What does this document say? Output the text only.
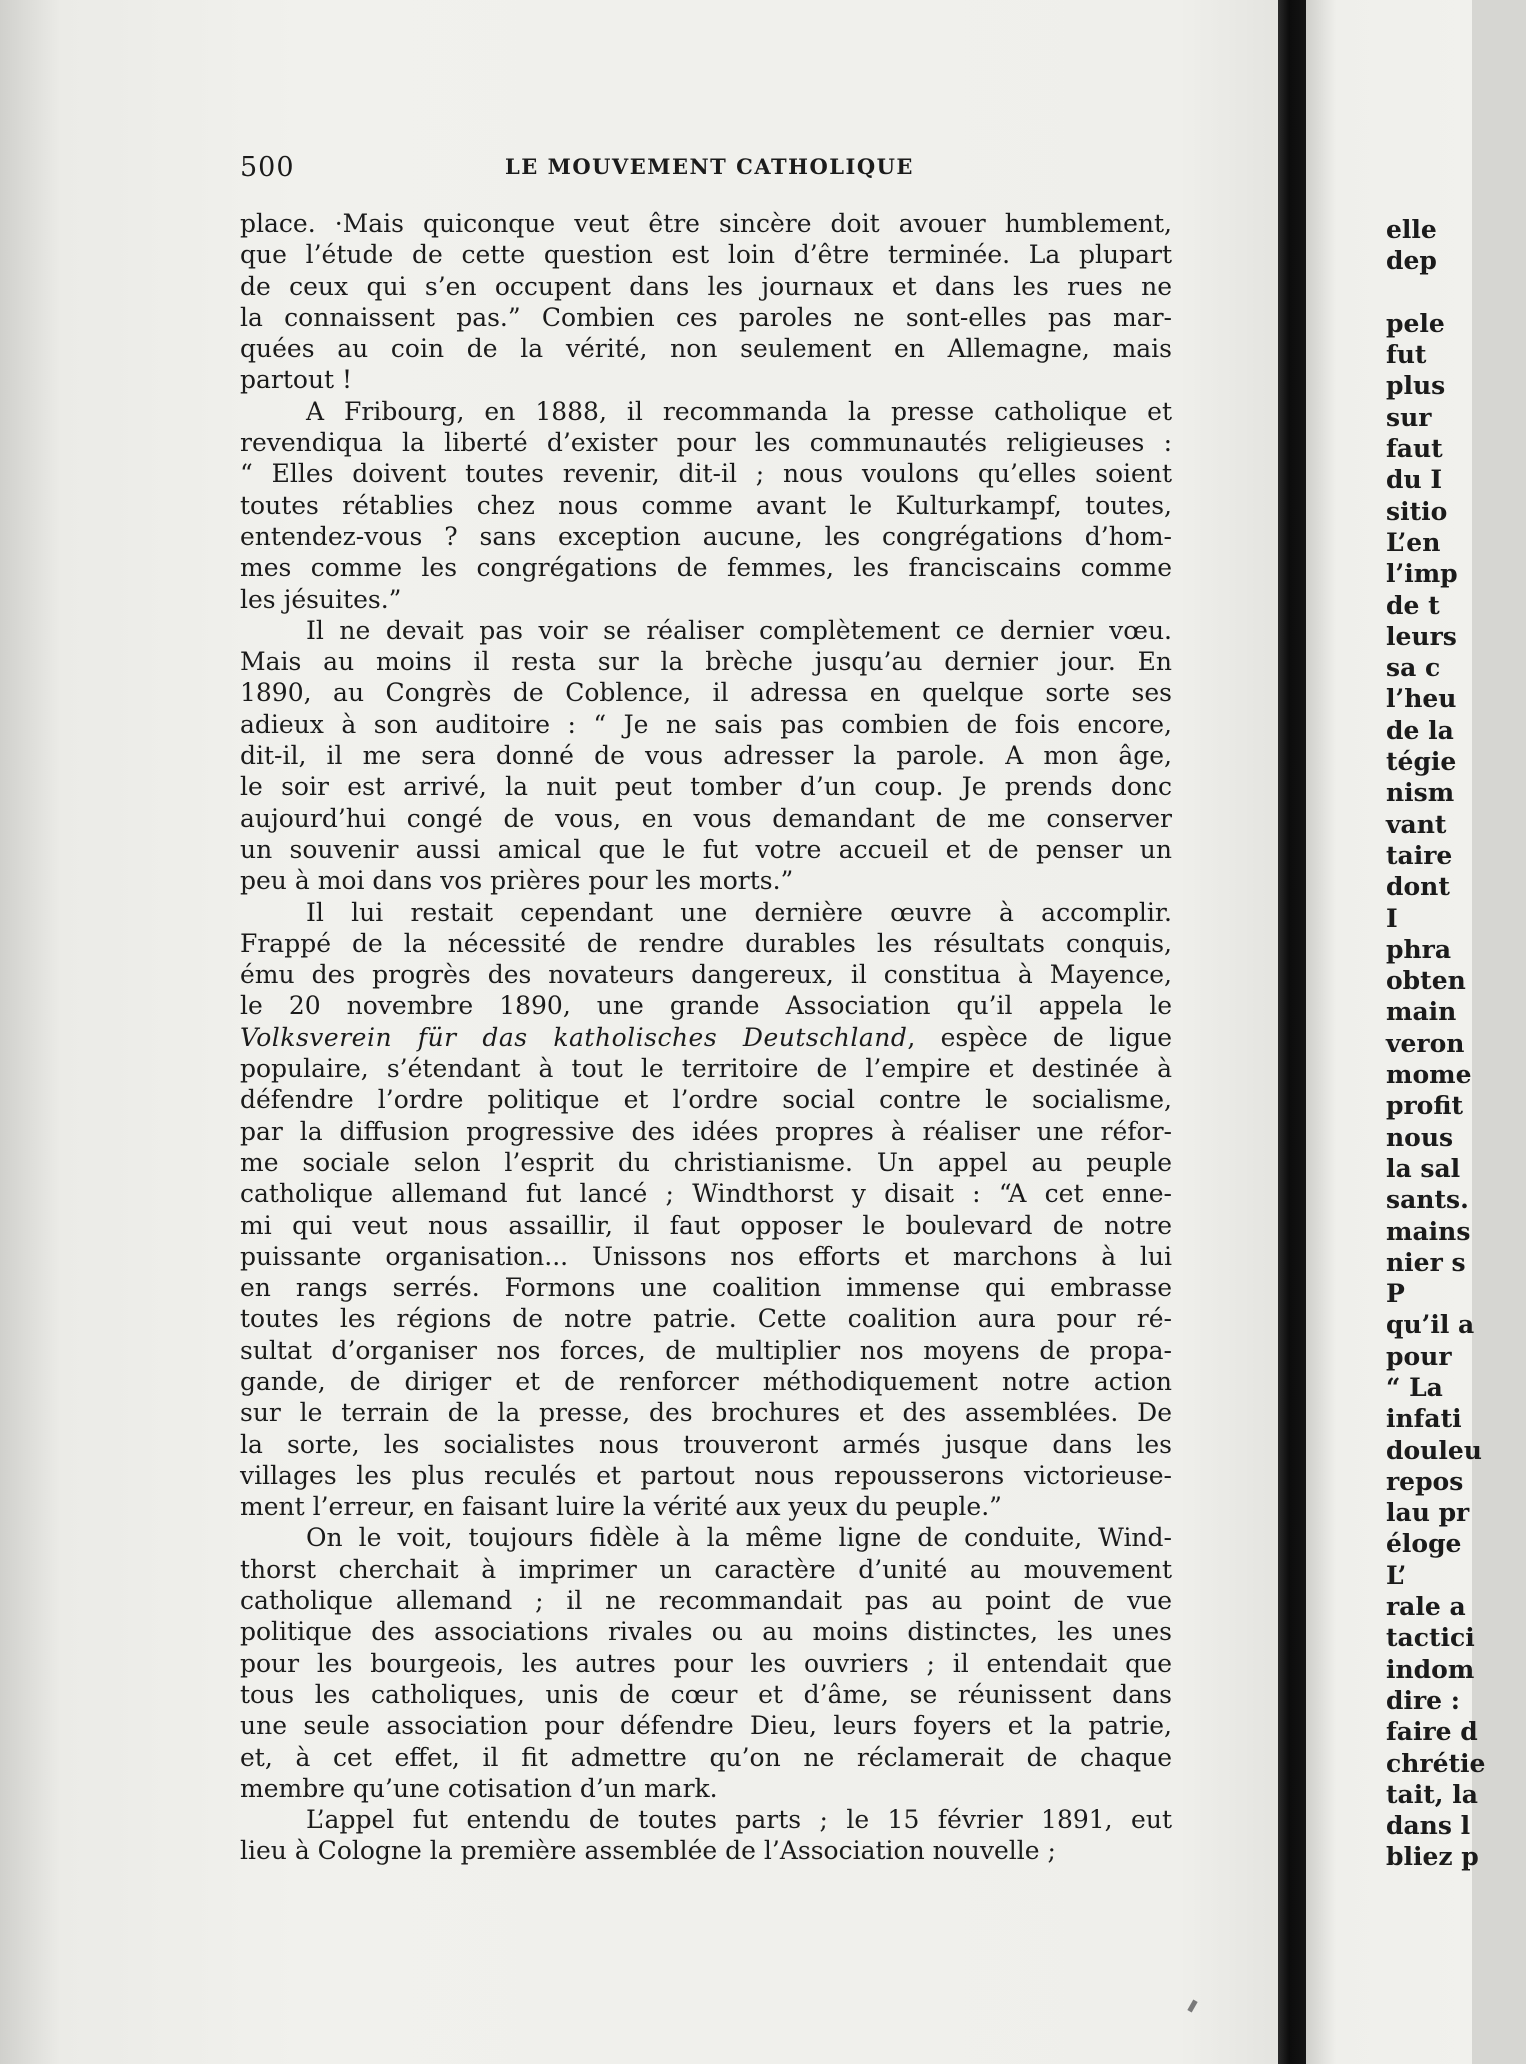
500	LE MOUVEMENT CATHOLIQUE
place. ·Mais quiconque veut être sincère doit avouer humblement,
que l’étude de cette question est loin d’être terminée. La plupart
de ceux qui s’en occupent dans les journaux et dans les rues ne
la connaissent pas.” Combien ces paroles ne sont-elles pas mar-
quées au coin de la vérité, non seulement en Allemagne, mais
partout !
A Fribourg, en 1888, il recommanda la presse catholique et
revendiqua la liberté d’exister pour les communautés religieuses :
“ Elles doivent toutes revenir, dit-il ; nous voulons qu’elles soient
toutes rétablies chez nous comme avant le Kulturkampf, toutes,
entendez-vous ? sans exception aucune, les congrégations d’hom-
mes comme les congrégations de femmes, les franciscains comme
les jésuites.”
Il ne devait pas voir se réaliser complètement ce dernier vœu.
Mais au moins il resta sur la brèche jusqu’au dernier jour. En
1890, au Congrès de Coblence, il adressa en quelque sorte ses
adieux à son auditoire : “ Je ne sais pas combien de fois encore,
dit-il, il me sera donné de vous adresser la parole. A mon âge,
le soir est arrivé, la nuit peut tomber d’un coup. Je prends donc
aujourd’hui congé de vous, en vous demandant de me conserver
un souvenir aussi amical que le fut votre accueil et de penser un
peu à moi dans vos prières pour les morts.”
Il lui restait cependant une dernière œuvre à accomplir.
Frappé de la nécessité de rendre durables les résultats conquis,
ému des progrès des novateurs dangereux, il constitua à Mayence,
le 20 novembre 1890, une grande Association qu’il appela le
Volksverein für das katholisches Deutschland, espèce de ligue
populaire, s’étendant à tout le territoire de l’empire et destinée à
défendre l’ordre politique et l’ordre social contre le socialisme,
par la diffusion progressive des idées propres à réaliser une réfor-
me sociale selon l’esprit du christianisme. Un appel au peuple
catholique allemand fut lancé ; Windthorst y disait : “A cet enne-
mi qui veut nous assaillir, il faut opposer le boulevard de notre
puissante organisation... Unissons nos efforts et marchons à lui
en rangs serrés. Formons une coalition immense qui embrasse
toutes les régions de notre patrie. Cette coalition aura pour ré-
sultat d’organiser nos forces, de multiplier nos moyens de propa-
gande, de diriger et de renforcer méthodiquement notre action
sur le terrain de la presse, des brochures et des assemblées. De
la sorte, les socialistes nous trouveront armés jusque dans les
villages les plus reculés et partout nous repousserons victorieuse-
ment l’erreur, en faisant luire la vérité aux yeux du peuple.”
On le voit, toujours fidèle à la même ligne de conduite, Wind-
thorst cherchait à imprimer un caractère d’unité au mouvement
catholique allemand ; il ne recommandait pas au point de vue
politique des associations rivales ou au moins distinctes, les unes
pour les bourgeois, les autres pour les ouvriers ; il entendait que
tous les catholiques, unis de cœur et d’âme, se réunissent dans
une seule association pour défendre Dieu, leurs foyers et la patrie,
et, à cet effet, il fit admettre qu’on ne réclamerait de chaque
membre qu’une cotisation d’un mark.
L’appel fut entendu de toutes parts ; le 15 février 1891, eut
lieu à Cologne la première assemblée de l’Association nouvelle ;
elle
dep
pele
fut
plus
sur
faut
du I
sitio
L’en
l’imp
de t
leurs
sa c
l’heu
de la
tégie
nism
vant
taire
dont
I
phra
obten
main
veron
mome
profit
nous
la sal
sants.
mains
nier s
P
qu’il a
pour
“ La
infati
douleu
repos
lau pr
éloge
L’
rale a
tactici
indom
dire :
faire d
chrétie
tait, la
dans l
bliez p
